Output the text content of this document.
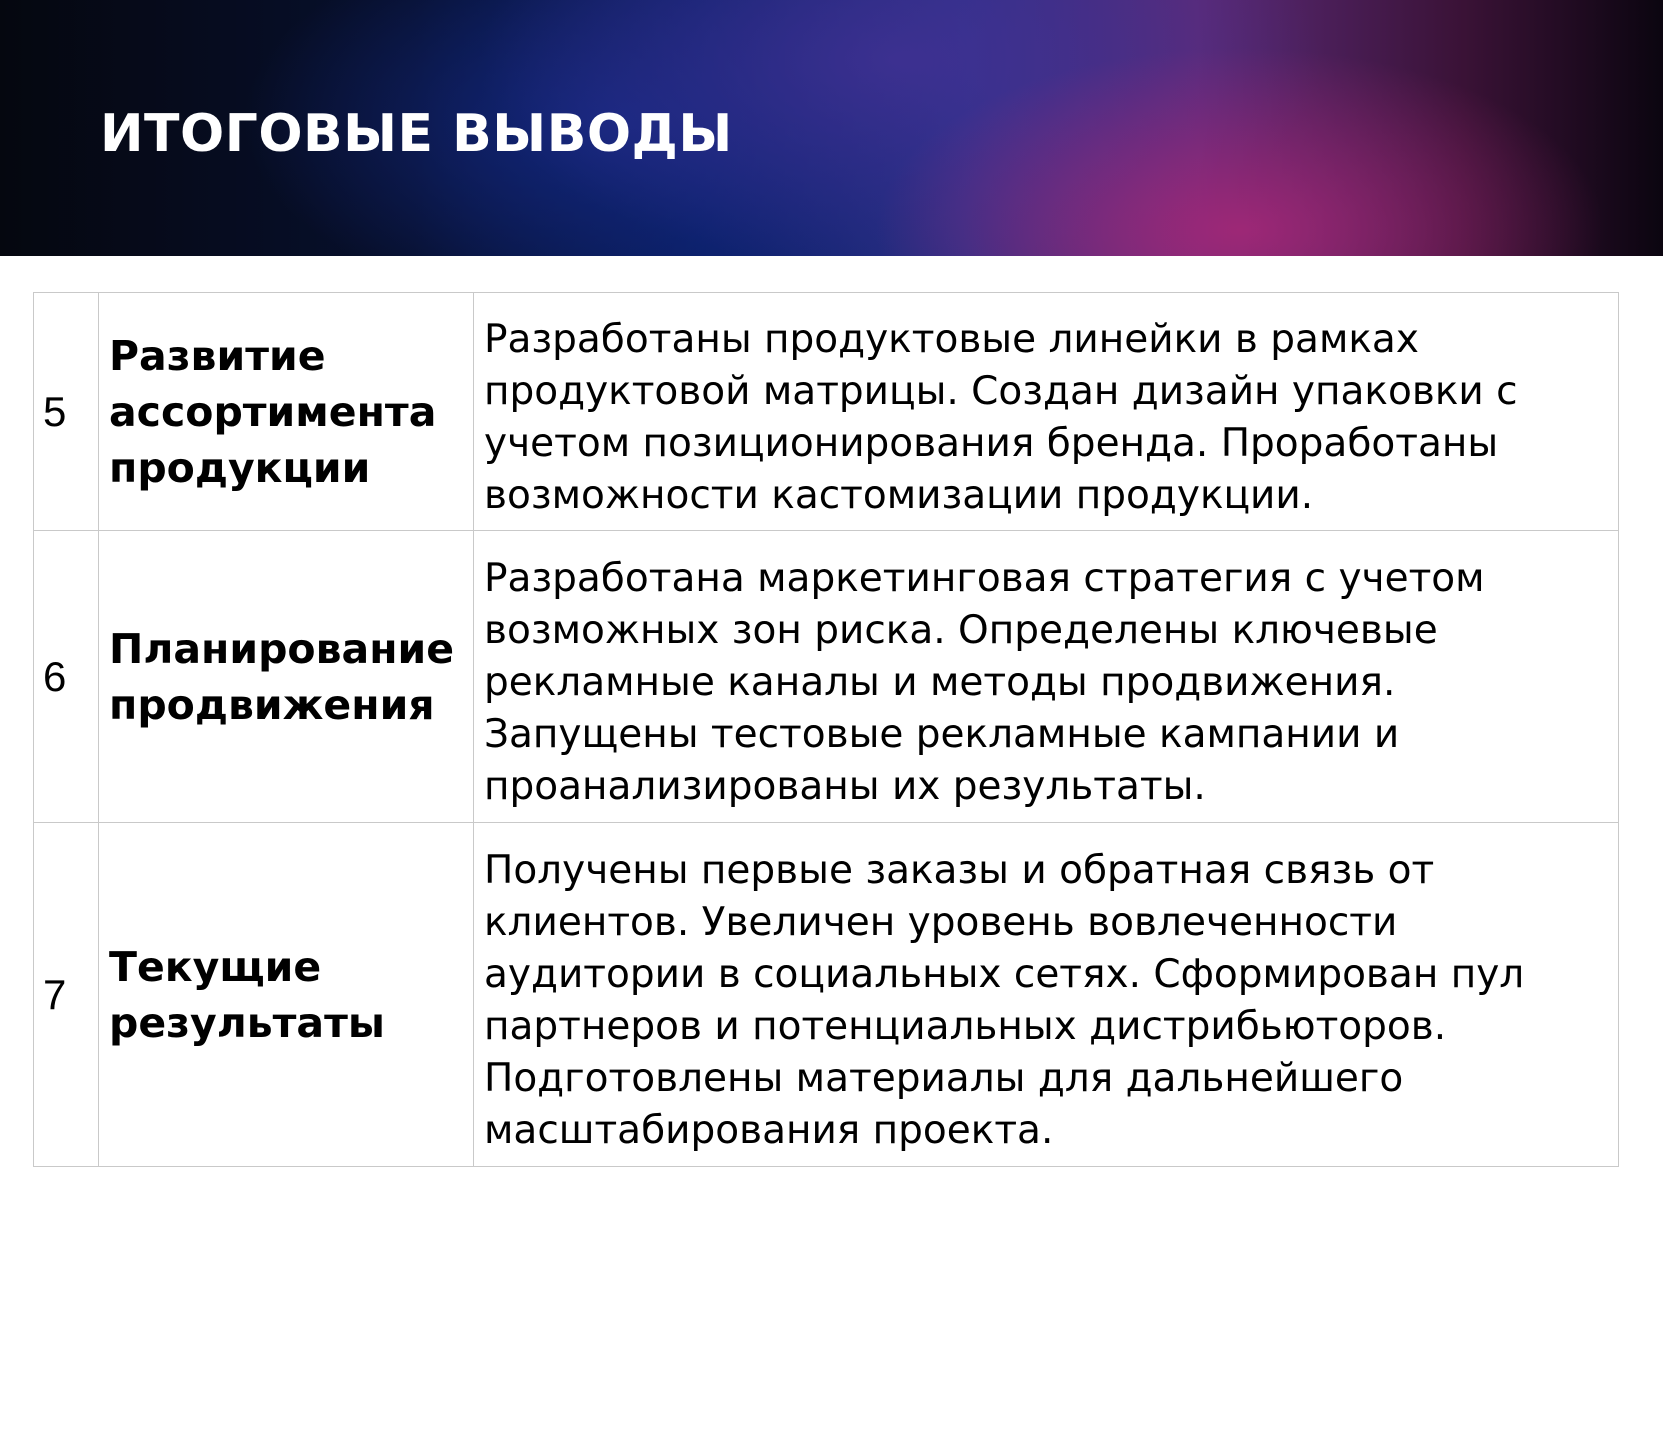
ИТОГОВЫЕ ВЫВОДЫ
5	Развитие ассортимента продукции	Разработаны продуктовые линейки в рамках продуктовой матрицы. Создан дизайн упаковки с учетом позиционирования бренда. Проработаны возможности кастомизации продукции.
6	Планирование продвижения	Разработана маркетинговая стратегия с учетом возможных зон риска. Определены ключевые рекламные каналы и методы продвижения. Запущены тестовые рекламные кампании и проанализированы их результаты.
7	Текущие результаты	Получены первые заказы и обратная связь от клиентов. Увеличен уровень вовлеченности аудитории в социальных сетях. Сформирован пул партнеров и потенциальных дистрибьюторов. Подготовлены материалы для дальнейшего масштабирования проекта.
